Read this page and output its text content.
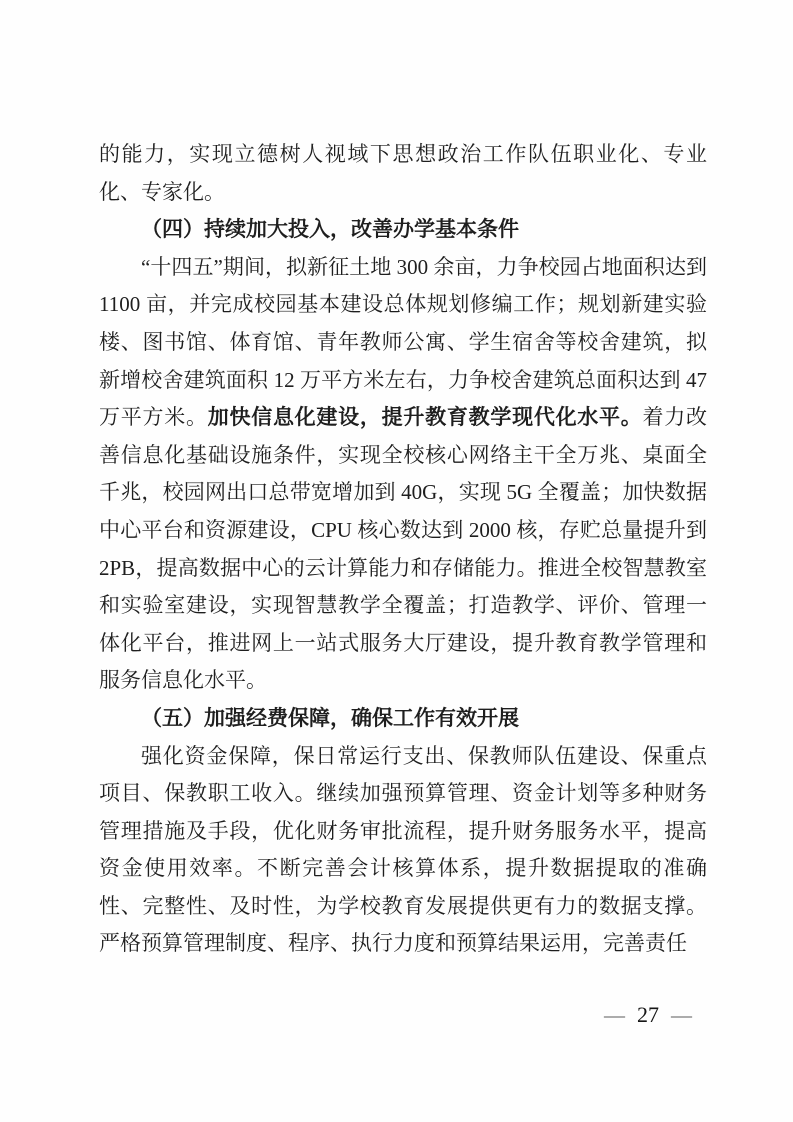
的能力，实现立德树人视域下思想政治工作队伍职业化、专业化、专家化。

（四）持续加大投入，改善办学基本条件

“十四五”期间，拟新征土地 300 余亩，力争校园占地面积达到 1100 亩，并完成校园基本建设总体规划修编工作；规划新建实验楼、图书馆、体育馆、青年教师公寓、学生宿舍等校舍建筑，拟新增校舍建筑面积 12 万平方米左右，力争校舍建筑总面积达到 47 万平方米。加快信息化建设，提升教育教学现代化水平。着力改善信息化基础设施条件，实现全校核心网络主干全万兆、桌面全千兆，校园网出口总带宽增加到 40G，实现 5G 全覆盖；加快数据中心平台和资源建设，CPU 核心数达到 2000 核，存贮总量提升到 2PB，提高数据中心的云计算能力和存储能力。推进全校智慧教室和实验室建设，实现智慧教学全覆盖；打造教学、评价、管理一体化平台，推进网上一站式服务大厅建设，提升教育教学管理和服务信息化水平。

（五）加强经费保障，确保工作有效开展

强化资金保障，保日常运行支出、保教师队伍建设、保重点项目、保教职工收入。继续加强预算管理、资金计划等多种财务管理措施及手段，优化财务审批流程，提升财务服务水平，提高资金使用效率。不断完善会计核算体系，提升数据提取的准确性、完整性、及时性，为学校教育发展提供更有力的数据支撑。严格预算管理制度、程序、执行力度和预算结果运用，完善责任

— 27 —
